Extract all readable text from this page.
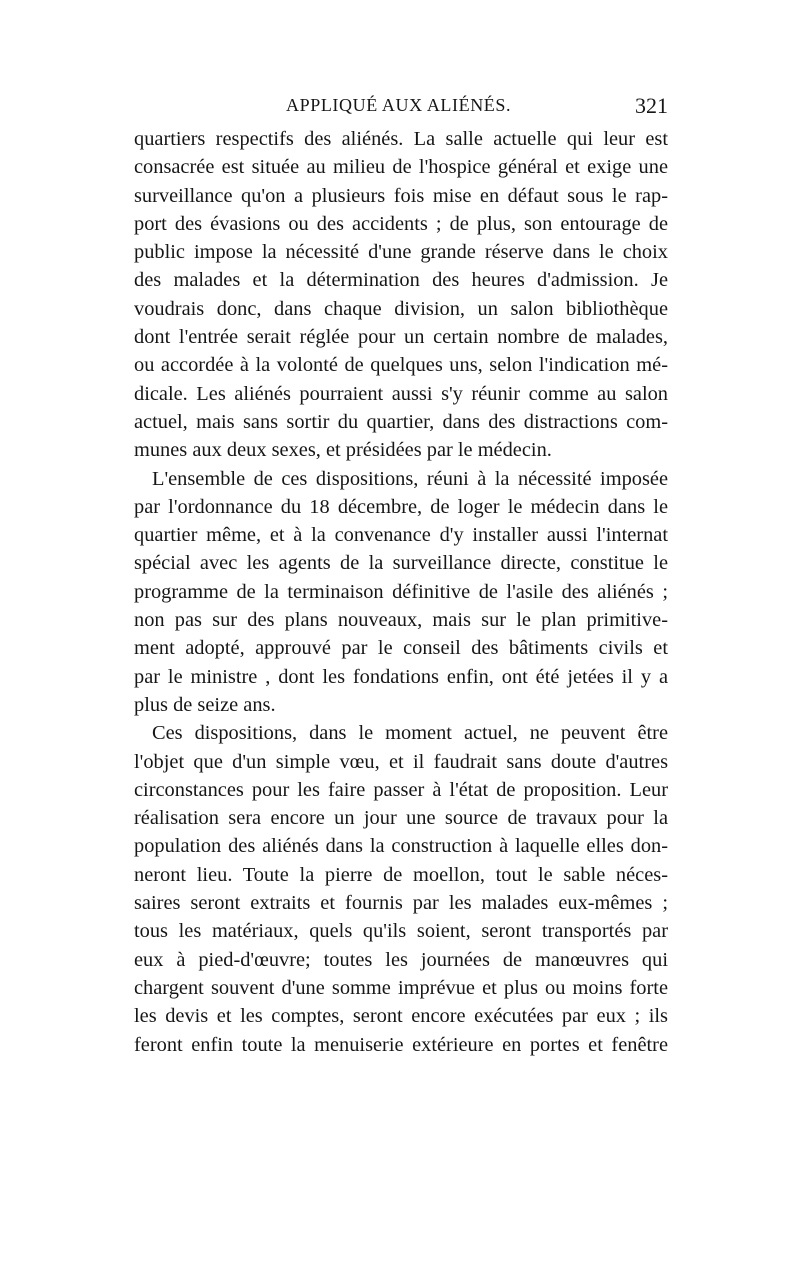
APPLIQUÉ AUX ALIÉNÉS.	321

quartiers respectifs des aliénés. La salle actuelle qui leur est
consacrée est située au milieu de l'hospice général et exige une
surveillance qu'on a plusieurs fois mise en défaut sous le rap-
port des évasions ou des accidents ; de plus, son entourage de
public impose la nécessité d'une grande réserve dans le choix
des malades et la détermination des heures d'admission. Je
voudrais donc, dans chaque division, un salon bibliothèque
dont l'entrée serait réglée pour un certain nombre de malades,
ou accordée à la volonté de quelques uns, selon l'indication mé-
dicale. Les aliénés pourraient aussi s'y réunir comme au salon
actuel, mais sans sortir du quartier, dans des distractions com-
munes aux deux sexes, et présidées par le médecin.

L'ensemble de ces dispositions, réuni à la nécessité imposée
par l'ordonnance du 18 décembre, de loger le médecin dans le
quartier même, et à la convenance d'y installer aussi l'internat
spécial avec les agents de la surveillance directe, constitue le
programme de la terminaison définitive de l'asile des aliénés ;
non pas sur des plans nouveaux, mais sur le plan primitive-
ment adopté, approuvé par le conseil des bâtiments civils et
par le ministre , dont les fondations enfin, ont été jetées il y a
plus de seize ans.

Ces dispositions, dans le moment actuel, ne peuvent être
l'objet que d'un simple vœu, et il faudrait sans doute d'autres
circonstances pour les faire passer à l'état de proposition. Leur
réalisation sera encore un jour une source de travaux pour la
population des aliénés dans la construction à laquelle elles don-
neront lieu. Toute la pierre de moellon, tout le sable néces-
saires seront extraits et fournis par les malades eux-mêmes ;
tous les matériaux, quels qu'ils soient, seront transportés par
eux à pied-d'œuvre; toutes les journées de manœuvres qui
chargent souvent d'une somme imprévue et plus ou moins forte
les devis et les comptes, seront encore exécutées par eux ; ils
feront enfin toute la menuiserie extérieure en portes et fenêtre
